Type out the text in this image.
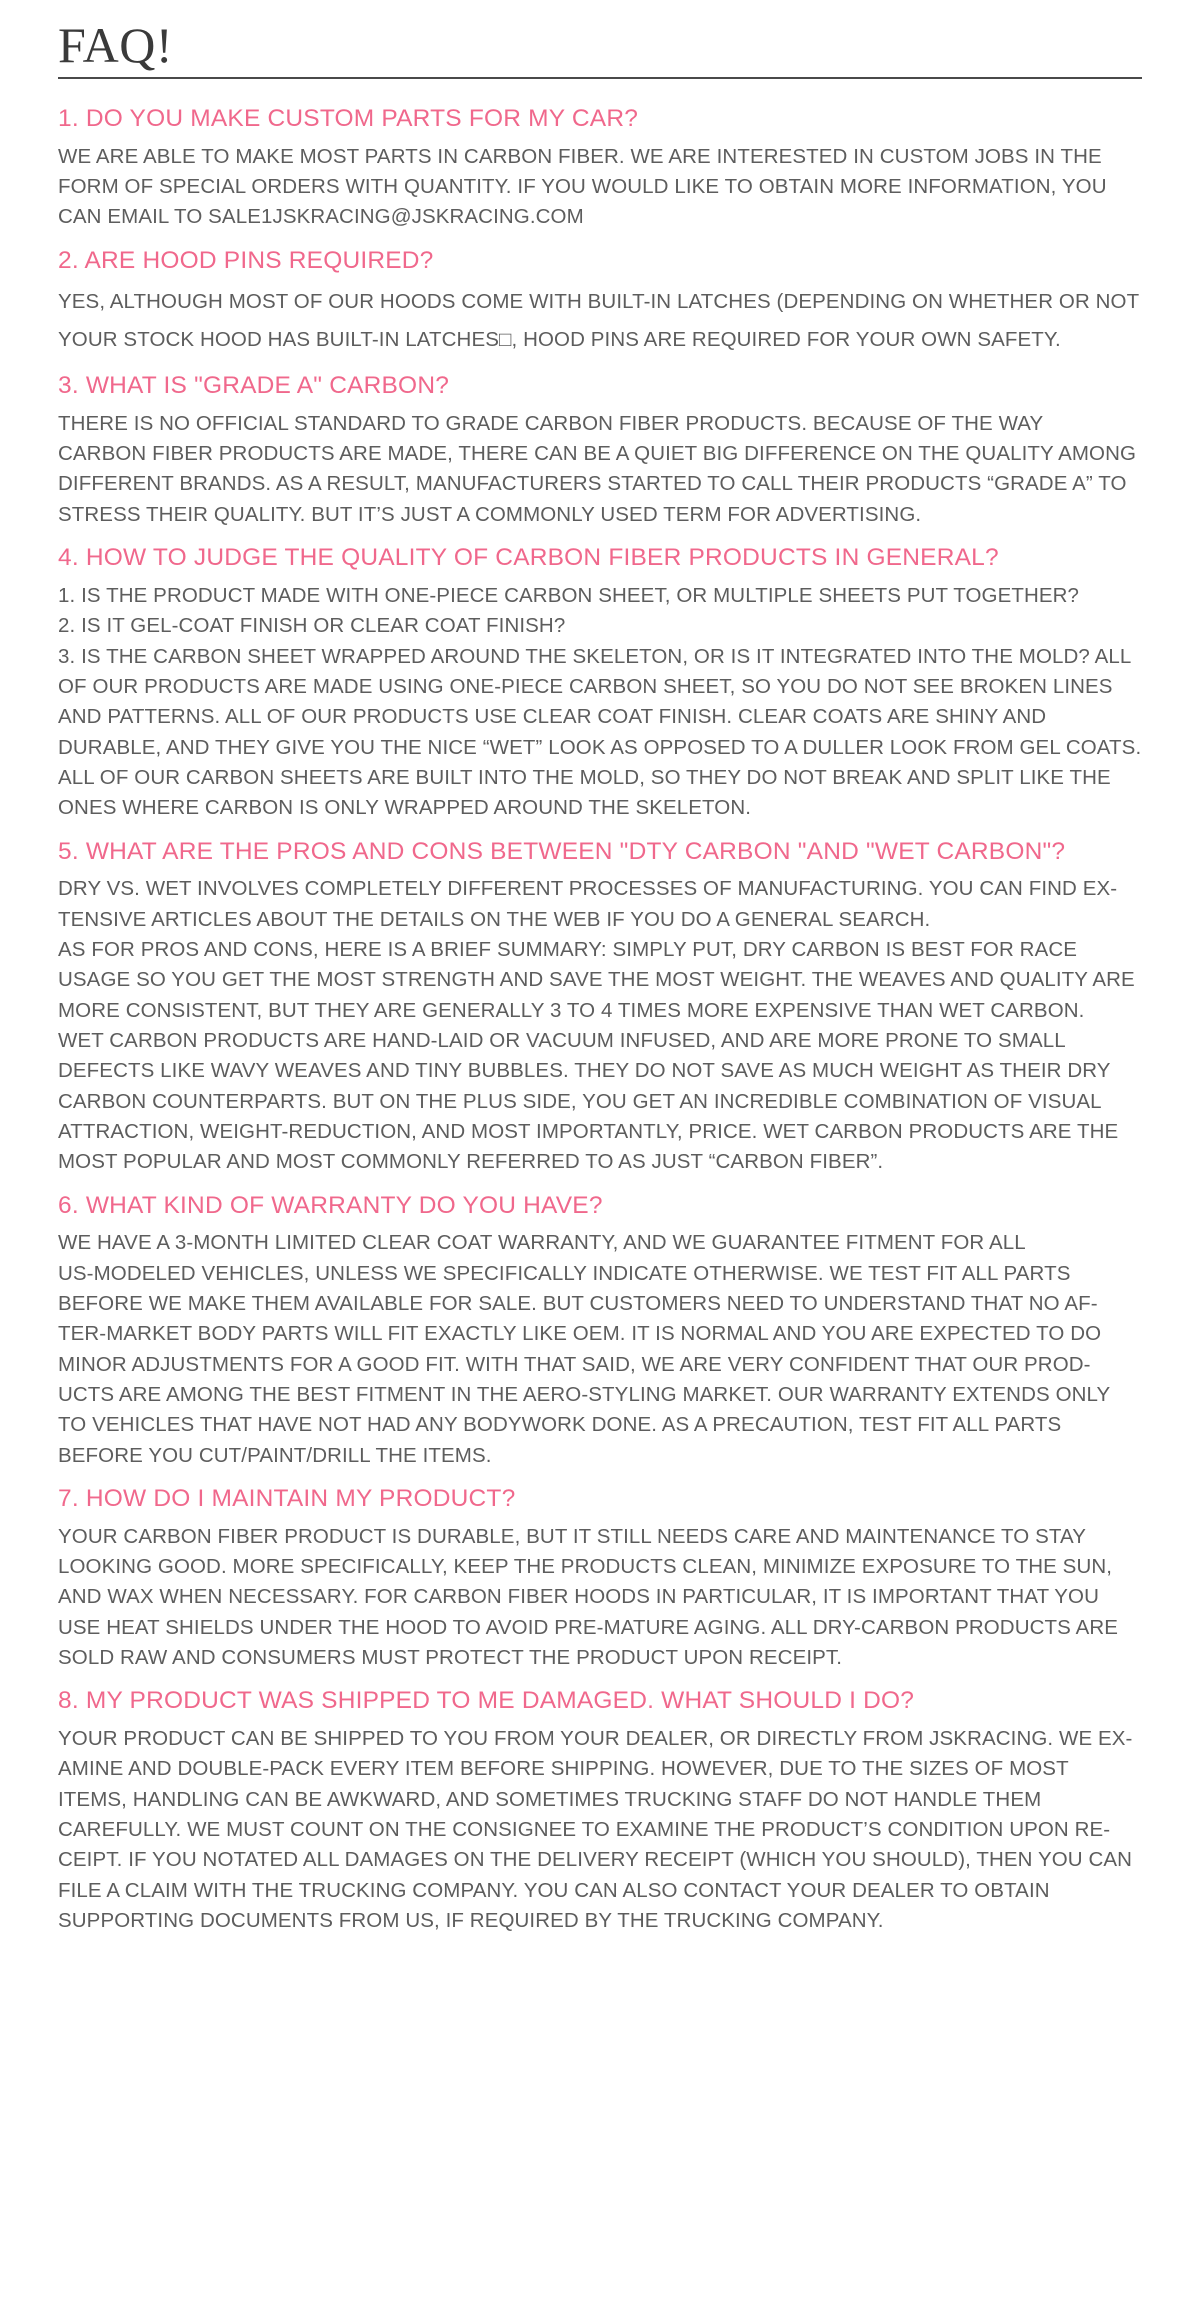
FAQ!
1. DO YOU MAKE CUSTOM PARTS FOR MY CAR?

WE ARE ABLE TO MAKE MOST PARTS IN CARBON FIBER. WE ARE INTERESTED IN CUSTOM JOBS IN THE FORM OF SPECIAL ORDERS WITH QUANTITY. IF YOU WOULD LIKE TO OBTAIN MORE INFORMATION, YOU CAN EMAIL TO SALE1JSKRACING@JSKRACING.COM

2. ARE HOOD PINS REQUIRED?

YES, ALTHOUGH MOST OF OUR HOODS COME WITH BUILT-IN LATCHES (DEPENDING ON WHETHER OR NOT YOUR STOCK HOOD HAS BUILT-IN LATCHES□, HOOD PINS ARE REQUIRED FOR YOUR OWN SAFETY.

3. WHAT IS "GRADE A" CARBON?

THERE IS NO OFFICIAL STANDARD TO GRADE CARBON FIBER PRODUCTS. BECAUSE OF THE WAY

CARBON FIBER PRODUCTS ARE MADE, THERE CAN BE A QUIET BIG DIFFERENCE ON THE QUALITY AMONG DIFFERENT BRANDS. AS A RESULT, MANUFACTURERS STARTED TO CALL THEIR PRODUCTS “GRADE A” TO STRESS THEIR QUALITY. BUT IT’S JUST A COMMONLY USED TERM FOR ADVERTISING.

4. HOW TO JUDGE THE QUALITY OF CARBON FIBER PRODUCTS IN GENERAL?

1. IS THE PRODUCT MADE WITH ONE-PIECE CARBON SHEET, OR MULTIPLE SHEETS PUT TOGETHER?

2. IS IT GEL-COAT FINISH OR CLEAR COAT FINISH?

3. IS THE CARBON SHEET WRAPPED AROUND THE SKELETON, OR IS IT INTEGRATED INTO THE MOLD? ALL OF OUR PRODUCTS ARE MADE USING ONE-PIECE CARBON SHEET, SO YOU DO NOT SEE BROKEN LINES AND PATTERNS. ALL OF OUR PRODUCTS USE CLEAR COAT FINISH. CLEAR COATS ARE SHINY AND DURABLE, AND THEY GIVE YOU THE NICE “WET” LOOK AS OPPOSED TO A DULLER LOOK FROM GEL COATS. ALL OF OUR CARBON SHEETS ARE BUILT INTO THE MOLD, SO THEY DO NOT BREAK AND SPLIT LIKE THE ONES WHERE CARBON IS ONLY WRAPPED AROUND THE SKELETON.

5. WHAT ARE THE PROS AND CONS BETWEEN "DTY CARBON "AND "WET CARBON"?

DRY VS. WET INVOLVES COMPLETELY DIFFERENT PROCESSES OF MANUFACTURING. YOU CAN FIND EX-

TENSIVE ARTICLES ABOUT THE DETAILS ON THE WEB IF YOU DO A GENERAL SEARCH.

AS FOR PROS AND CONS, HERE IS A BRIEF SUMMARY: SIMPLY PUT, DRY CARBON IS BEST FOR RACE USAGE SO YOU GET THE MOST STRENGTH AND SAVE THE MOST WEIGHT. THE WEAVES AND QUALITY ARE MORE CONSISTENT, BUT THEY ARE GENERALLY 3 TO 4 TIMES MORE EXPENSIVE THAN WET CARBON.

WET CARBON PRODUCTS ARE HAND-LAID OR VACUUM INFUSED, AND ARE MORE PRONE TO SMALL DEFECTS LIKE WAVY WEAVES AND TINY BUBBLES. THEY DO NOT SAVE AS MUCH WEIGHT AS THEIR DRY CARBON COUNTERPARTS. BUT ON THE PLUS SIDE, YOU GET AN INCREDIBLE COMBINATION OF VISUAL ATTRACTION, WEIGHT-REDUCTION, AND MOST IMPORTANTLY, PRICE. WET CARBON PRODUCTS ARE THE MOST POPULAR AND MOST COMMONLY REFERRED TO AS JUST “CARBON FIBER”.

6. WHAT KIND OF WARRANTY DO YOU HAVE?

WE HAVE A 3-MONTH LIMITED CLEAR COAT WARRANTY, AND WE GUARANTEE FITMENT FOR ALL

US-MODELED VEHICLES, UNLESS WE SPECIFICALLY INDICATE OTHERWISE. WE TEST FIT ALL PARTS BEFORE WE MAKE THEM AVAILABLE FOR SALE. BUT CUSTOMERS NEED TO UNDERSTAND THAT NO AF-TER-MARKET BODY PARTS WILL FIT EXACTLY LIKE OEM. IT IS NORMAL AND YOU ARE EXPECTED TO DO MINOR ADJUSTMENTS FOR A GOOD FIT. WITH THAT SAID, WE ARE VERY CONFIDENT THAT OUR PROD-UCTS ARE AMONG THE BEST FITMENT IN THE AERO-STYLING MARKET. OUR WARRANTY EXTENDS ONLY TO VEHICLES THAT HAVE NOT HAD ANY BODYWORK DONE. AS A PRECAUTION, TEST FIT ALL PARTS BEFORE YOU CUT/PAINT/DRILL THE ITEMS.

7. HOW DO I MAINTAIN MY PRODUCT?

YOUR CARBON FIBER PRODUCT IS DURABLE, BUT IT STILL NEEDS CARE AND MAINTENANCE TO STAY

LOOKING GOOD. MORE SPECIFICALLY, KEEP THE PRODUCTS CLEAN, MINIMIZE EXPOSURE TO THE SUN, AND WAX WHEN NECESSARY. FOR CARBON FIBER HOODS IN PARTICULAR, IT IS IMPORTANT THAT YOU USE HEAT SHIELDS UNDER THE HOOD TO AVOID PRE-MATURE AGING. ALL DRY-CARBON PRODUCTS ARE SOLD RAW AND CONSUMERS MUST PROTECT THE PRODUCT UPON RECEIPT.

8. MY PRODUCT WAS SHIPPED TO ME DAMAGED. WHAT SHOULD I DO?

YOUR PRODUCT CAN BE SHIPPED TO YOU FROM YOUR DEALER, OR DIRECTLY FROM JSKRACING. WE EX-

AMINE AND DOUBLE-PACK EVERY ITEM BEFORE SHIPPING. HOWEVER, DUE TO THE SIZES OF MOST ITEMS, HANDLING CAN BE AWKWARD, AND SOMETIMES TRUCKING STAFF DO NOT HANDLE THEM CAREFULLY. WE MUST COUNT ON THE CONSIGNEE TO EXAMINE THE PRODUCT’S CONDITION UPON RE-CEIPT. IF YOU NOTATED ALL DAMAGES ON THE DELIVERY RECEIPT (WHICH YOU SHOULD), THEN YOU CAN FILE A CLAIM WITH THE TRUCKING COMPANY. YOU CAN ALSO CONTACT YOUR DEALER TO OBTAIN SUPPORTING DOCUMENTS FROM US, IF REQUIRED BY THE TRUCKING COMPANY.
